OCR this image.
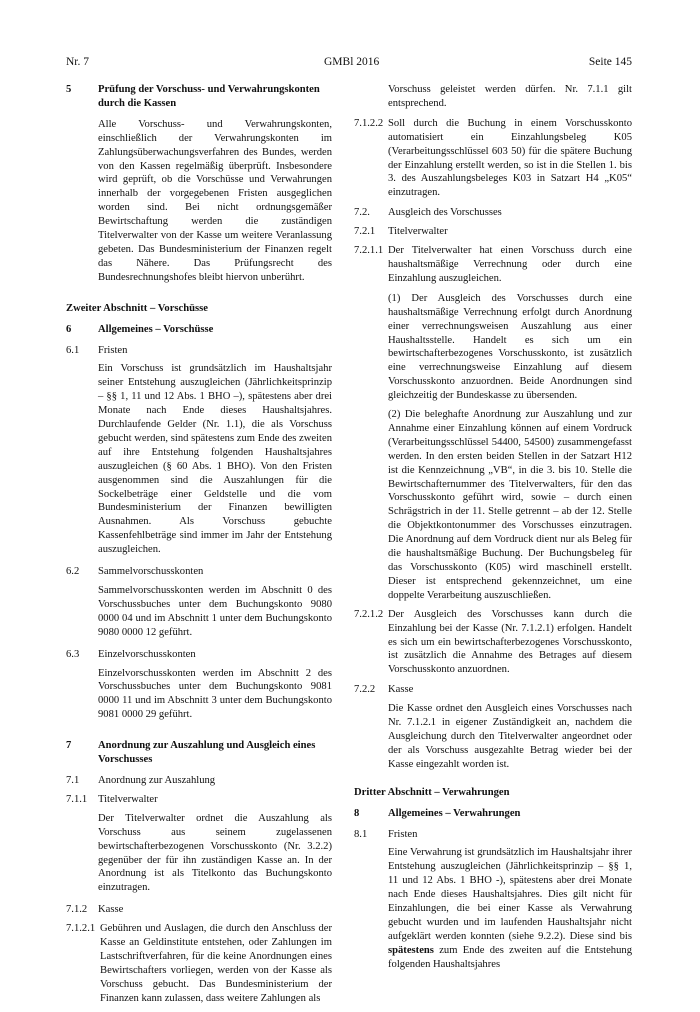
Nr. 7	GMBl 2016	Seite 145
5	Prüfung der Vorschuss- und Verwahrungskonten durch die Kassen
Alle Vorschuss- und Verwahrungskonten, einschließlich der Verwahrungskonten im Zahlungsüberwachungsverfahren des Bundes, werden von den Kassen regelmäßig überprüft. Insbesondere wird geprüft, ob die Vorschüsse und Verwahrungen innerhalb der vorgegebenen Fristen ausgeglichen worden sind. Bei nicht ordnungsgemäßer Bewirtschaftung werden die zuständigen Titelverwalter von der Kasse um weitere Veranlassung gebeten. Das Bundesministerium der Finanzen regelt das Nähere. Das Prüfungsrecht des Bundesrechnungshofes bleibt hiervon unberührt.
Zweiter Abschnitt – Vorschüsse
6	Allgemeines – Vorschüsse
6.1	Fristen
Ein Vorschuss ist grundsätzlich im Haushaltsjahr seiner Entstehung auszugleichen (Jährlichkeitsprinzip – §§ 1, 11 und 12 Abs. 1 BHO –), spätestens aber drei Monate nach Ende dieses Haushaltsjahres. Durchlaufende Gelder (Nr. 1.1), die als Vorschuss gebucht werden, sind spätestens zum Ende des zweiten auf ihre Entstehung folgenden Haushaltsjahres auszugleichen (§ 60 Abs. 1 BHO). Von den Fristen ausgenommen sind die Auszahlungen für die Sockelbeträge einer Geldstelle und die vom Bundesministerium der Finanzen bewilligten Ausnahmen. Als Vorschuss gebuchte Kassenfehlbeträge sind immer im Jahr der Entstehung auszugleichen.
6.2	Sammelvorschusskonten
Sammelvorschusskonten werden im Abschnitt 0 des Vorschussbuches unter dem Buchungskonto 9080 0000 04 und im Abschnitt 1 unter dem Buchungskonto 9080 0000 12 geführt.
6.3	Einzelvorschusskonten
Einzelvorschusskonten werden im Abschnitt 2 des Vorschussbuches unter dem Buchungskonto 9081 0000 11 und im Abschnitt 3 unter dem Buchungskonto 9081 0000 29 geführt.
7	Anordnung zur Auszahlung und Ausgleich eines Vorschusses
7.1	Anordnung zur Auszahlung
7.1.1	Titelverwalter
Der Titelverwalter ordnet die Auszahlung als Vorschuss aus seinem zugelassenen bewirtschafterbezogenen Vorschusskonto (Nr. 3.2.2) gegenüber der für ihn zuständigen Kasse an. In der Anordnung ist als Titelkonto das Buchungskonto einzutragen.
7.1.2	Kasse
7.1.2.1 Gebühren und Auslagen, die durch den Anschluss der Kasse an Geldinstitute entstehen, oder Zahlungen im Lastschriftverfahren, für die keine Anordnungen eines Bewirtschafters vorliegen, werden von der Kasse als Vorschuss gebucht. Das Bundesministerium der Finanzen kann zulassen, dass weitere Zahlungen als
Vorschuss geleistet werden dürfen. Nr. 7.1.1 gilt entsprechend.
7.1.2.2 Soll durch die Buchung in einem Vorschusskonto automatisiert ein Einzahlungsbeleg K05 (Verarbeitungsschlüssel 603 50) für die spätere Buchung der Einzahlung erstellt werden, so ist in die Stellen 1. bis 3. des Auszahlungsbeleges K03 in Satzart H4 „K05“ einzutragen.
7.2.	Ausgleich des Vorschusses
7.2.1	Titelverwalter
7.2.1.1 Der Titelverwalter hat einen Vorschuss durch eine haushaltsmäßige Verrechnung oder durch eine Einzahlung auszugleichen.
(1) Der Ausgleich des Vorschusses durch eine haushaltsmäßige Verrechnung erfolgt durch Anordnung einer verrechnungsweisen Auszahlung aus einer Haushaltsstelle. Handelt es sich um ein bewirtschafterbezogenes Vorschusskonto, ist zusätzlich eine verrechnungsweise Einzahlung auf diesem Vorschusskonto anzuordnen. Beide Anordnungen sind gleichzeitig der Bundeskasse zu übersenden.
(2) Die beleghafte Anordnung zur Auszahlung und zur Annahme einer Einzahlung können auf einem Vordruck (Verarbeitungsschlüssel 54400, 54500) zusammengefasst werden. In den ersten beiden Stellen in der Satzart H12 ist die Kennzeichnung „VB“, in die 3. bis 10. Stelle die Bewirtschafternummer des Titelverwalters, für den das Vorschusskonto geführt wird, sowie – durch einen Schrägstrich in der 11. Stelle getrennt – ab der 12. Stelle die Objektkontonummer des Vorschusses einzutragen. Die Anordnung auf dem Vordruck dient nur als Beleg für die haushaltsmäßige Buchung. Der Buchungsbeleg für das Vorschusskonto (K05) wird maschinell erstellt. Dieser ist entsprechend gekennzeichnet, um eine doppelte Verarbeitung auszuschließen.
7.2.1.2 Der Ausgleich des Vorschusses kann durch die Einzahlung bei der Kasse (Nr. 7.1.2.1) erfolgen. Handelt es sich um ein bewirtschafterbezogenes Vorschusskonto, ist zusätzlich die Annahme des Betrages auf diesem Vorschusskonto anzuordnen.
7.2.2	Kasse
Die Kasse ordnet den Ausgleich eines Vorschusses nach Nr. 7.1.2.1 in eigener Zuständigkeit an, nachdem die Ausgleichung durch den Titelverwalter angeordnet oder der als Vorschuss ausgezahlte Betrag wieder bei der Kasse eingezahlt worden ist.
Dritter Abschnitt – Verwahrungen
8	Allgemeines – Verwahrungen
8.1	Fristen
Eine Verwahrung ist grundsätzlich im Haushaltsjahr ihrer Entstehung auszugleichen (Jährlichkeitsprinzip – §§ 1, 11 und 12 Abs. 1 BHO -), spätestens aber drei Monate nach Ende dieses Haushaltsjahres. Dies gilt nicht für Einzahlungen, die bei einer Kasse als Verwahrung gebucht wurden und im laufenden Haushaltsjahr nicht aufgeklärt werden konnten (siehe 9.2.2). Diese sind bis spätestens zum Ende des zweiten auf die Entstehung folgenden Haushaltsjahres
